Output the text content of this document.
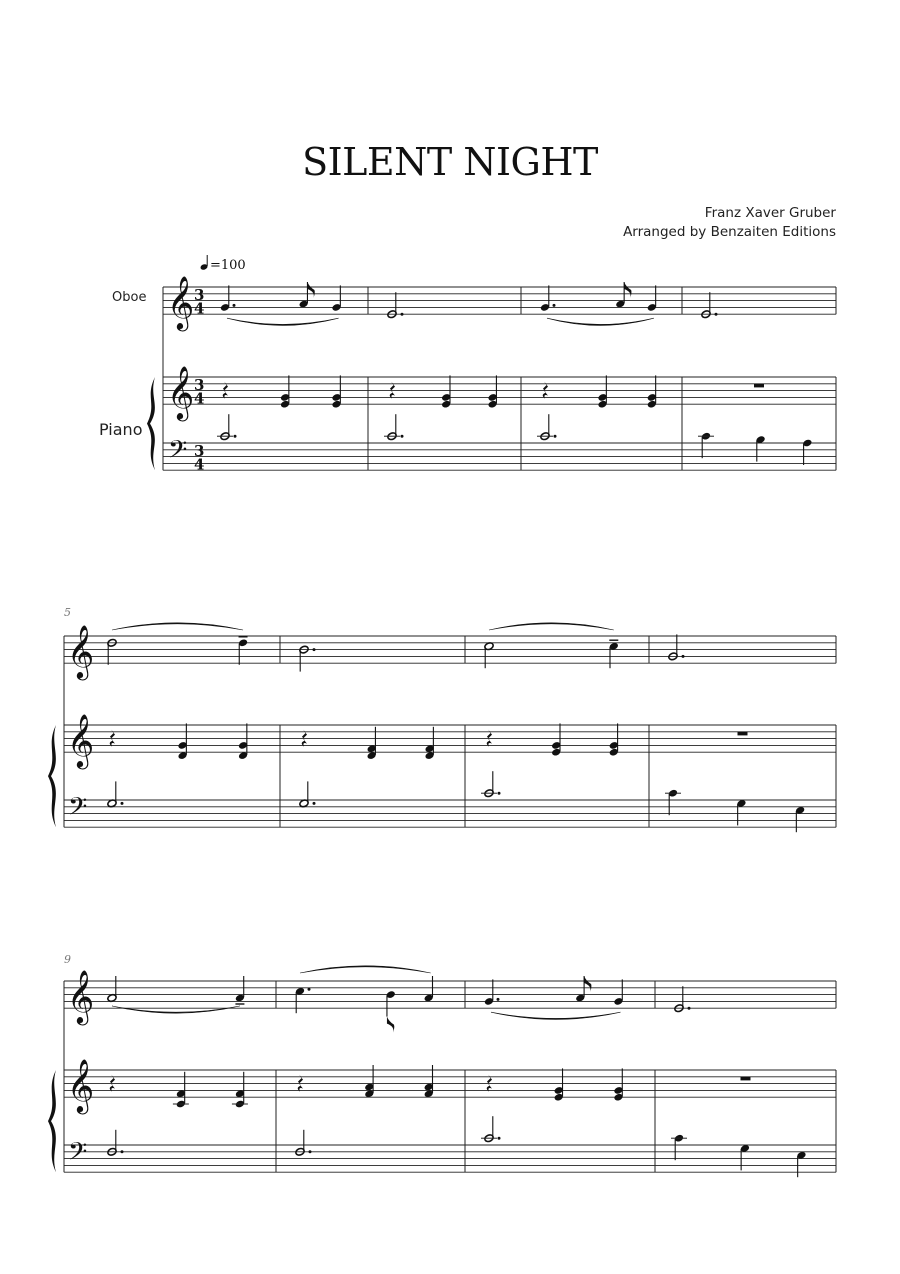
SILENT NIGHT
Franz Xaver Gruber
Arranged by Benzaiten Editions
Oboe
Piano
5
9
=100
𝄞
𝄞
𝄢
3
4
3
4
3
4
𝄞
𝄞
𝄢
𝄞
𝄞
𝄢
